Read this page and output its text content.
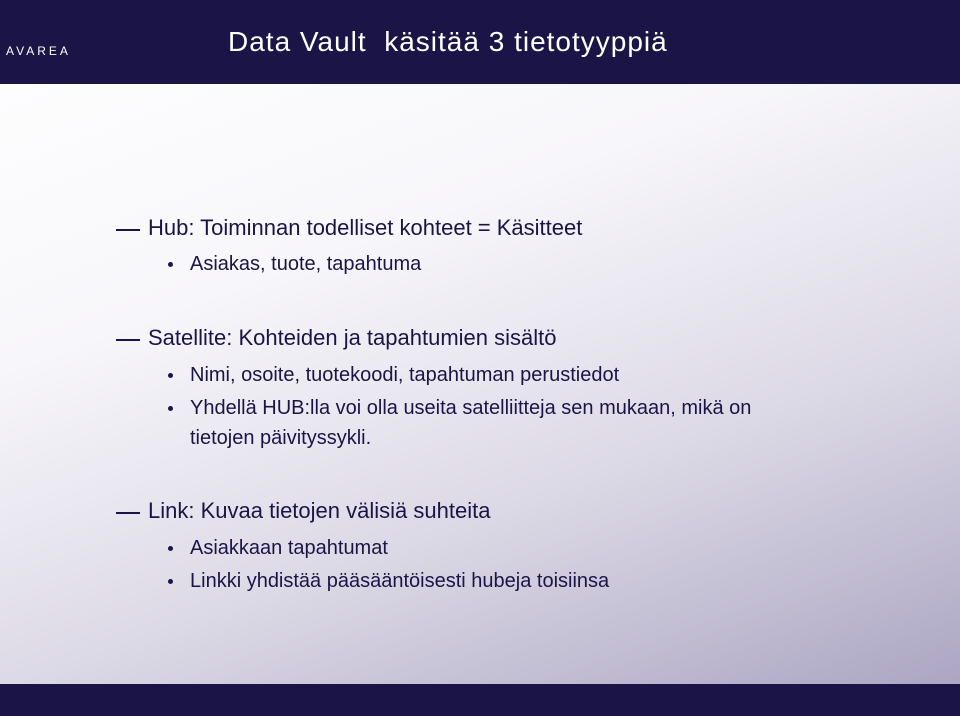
AVAREA	Data Vault  käsitää 3 tietotyyppiä
Hub: Toiminnan todelliset kohteet = Käsitteet
Asiakas, tuote, tapahtuma
Satellite: Kohteiden ja tapahtumien sisältö
Nimi, osoite, tuotekoodi, tapahtuman perustiedot
Yhdellä HUB:lla voi olla useita satelliitteja sen mukaan, mikä on
tietojen päivityssykli.
Link: Kuvaa tietojen välisiä suhteita
Asiakkaan tapahtumat
Linkki yhdistää pääsääntöisesti hubeja toisiinsa
